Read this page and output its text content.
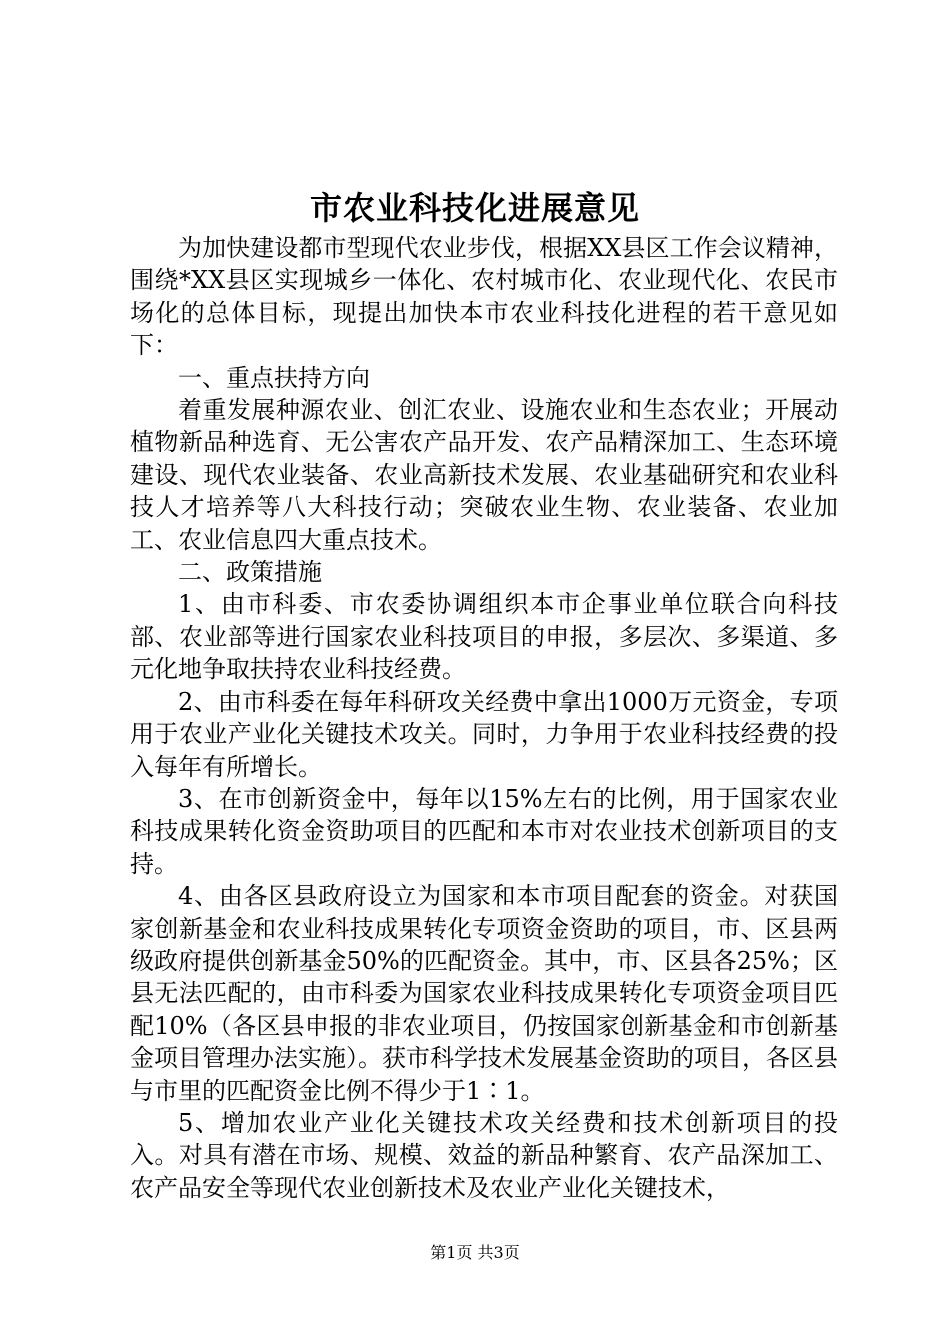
市农业科技化进展意见

为加快建设都市型现代农业步伐，根据XX县区工作会议精神，围绕*XX县区实现城乡一体化、农村城市化、农业现代化、农民市场化的总体目标，现提出加快本市农业科技化进程的若干意见如下：

一、重点扶持方向

着重发展种源农业、创汇农业、设施农业和生态农业；开展动植物新品种选育、无公害农产品开发、农产品精深加工、生态环境建设、现代农业装备、农业高新技术发展、农业基础研究和农业科技人才培养等八大科技行动；突破农业生物、农业装备、农业加工、农业信息四大重点技术。

二、政策措施

1、由市科委、市农委协调组织本市企事业单位联合向科技部、农业部等进行国家农业科技项目的申报，多层次、多渠道、多元化地争取扶持农业科技经费。

2、由市科委在每年科研攻关经费中拿出1000万元资金，专项用于农业产业化关键技术攻关。同时，力争用于农业科技经费的投入每年有所增长。

3、在市创新资金中，每年以15%左右的比例，用于国家农业科技成果转化资金资助项目的匹配和本市对农业技术创新项目的支持。

4、由各区县政府设立为国家和本市项目配套的资金。对获国家创新基金和农业科技成果转化专项资金资助的项目，市、区县两级政府提供创新基金50%的匹配资金。其中，市、区县各25%；区县无法匹配的，由市科委为国家农业科技成果转化专项资金项目匹配10%（各区县申报的非农业项目，仍按国家创新基金和市创新基金项目管理办法实施）。获市科学技术发展基金资助的项目，各区县与市里的匹配资金比例不得少于1∶1。

5、增加农业产业化关键技术攻关经费和技术创新项目的投入。对具有潜在市场、规模、效益的新品种繁育、农产品深加工、农产品安全等现代农业创新技术及农业产业化关键技术，

第1页 共3页
